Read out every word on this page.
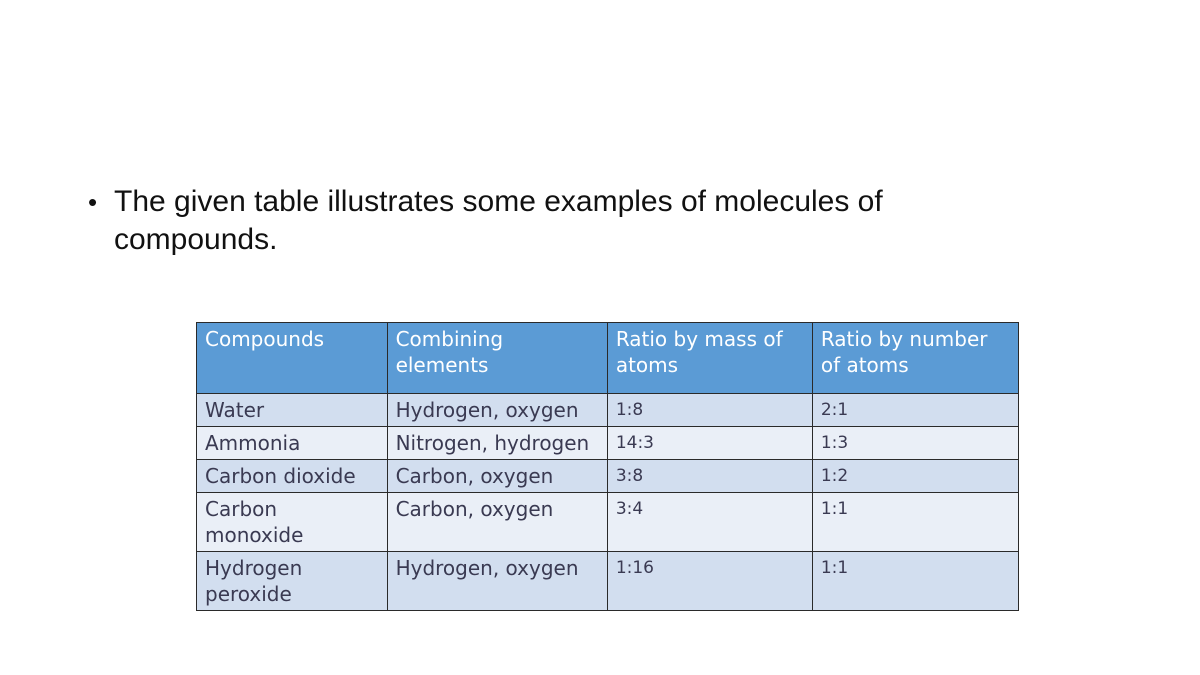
• The given table illustrates some examples of molecules of compounds.
Compounds	Combining elements	Ratio by mass of atoms	Ratio by number of atoms
Water	Hydrogen, oxygen	1:8	2:1
Ammonia	Nitrogen, hydrogen	14:3	1:3
Carbon dioxide	Carbon, oxygen	3:8	1:2
Carbon monoxide	Carbon, oxygen	3:4	1:1
Hydrogen peroxide	Hydrogen, oxygen	1:16	1:1
